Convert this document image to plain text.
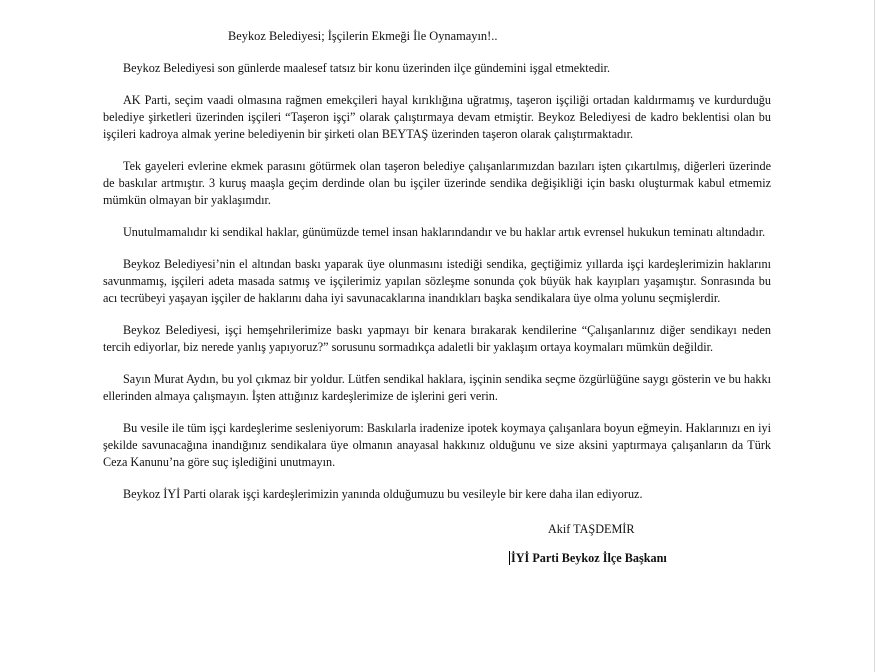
Beykoz Belediyesi; İşçilerin Ekmeği İle Oynamayın!..

Beykoz Belediyesi son günlerde maalesef tatsız bir konu üzerinden ilçe gündemini işgal etmektedir.

AK Parti, seçim vaadi olmasına rağmen emekçileri hayal kırıklığına uğratmış, taşeron işçiliği ortadan kaldırmamış ve kurdurduğu belediye şirketleri üzerinden işçileri “Taşeron işçi” olarak çalıştırmaya devam etmiştir. Beykoz Belediyesi de kadro beklentisi olan bu işçileri kadroya almak yerine belediyenin bir şirketi olan BEYTAŞ üzerinden taşeron olarak çalıştırmaktadır.

Tek gayeleri evlerine ekmek parasını götürmek olan taşeron belediye çalışanlarımızdan bazıları işten çıkartılmış, diğerleri üzerinde de baskılar artmıştır. 3 kuruş maaşla geçim derdinde olan bu işçiler üzerinde sendika değişikliği için baskı oluşturmak kabul etmemiz mümkün olmayan bir yaklaşımdır.

Unutulmamalıdır ki sendikal haklar, günümüzde temel insan haklarındandır ve bu haklar artık evrensel hukukun teminatı altındadır.

Beykoz Belediyesi’nin el altından baskı yaparak üye olunmasını istediği sendika, geçtiğimiz yıllarda işçi kardeşlerimizin haklarını savunmamış, işçileri adeta masada satmış ve işçilerimiz yapılan sözleşme sonunda çok büyük hak kayıpları yaşamıştır. Sonrasında bu acı tecrübeyi yaşayan işçiler de haklarını daha iyi savunacaklarına inandıkları başka sendikalara üye olma yolunu seçmişlerdir.

Beykoz Belediyesi, işçi hemşehrilerimize baskı yapmayı bir kenara bırakarak kendilerine “Çalışanlarınız diğer sendikayı neden tercih ediyorlar, biz nerede yanlış yapıyoruz?” sorusunu sormadıkça adaletli bir yaklaşım ortaya koymaları mümkün değildir.

Sayın Murat Aydın, bu yol çıkmaz bir yoldur. Lütfen sendikal haklara, işçinin sendika seçme özgürlüğüne saygı gösterin ve bu hakkı ellerinden almaya çalışmayın. İşten attığınız kardeşlerimize de işlerini geri verin.

Bu vesile ile tüm işçi kardeşlerime sesleniyorum: Baskılarla iradenize ipotek koymaya çalışanlara boyun eğmeyin. Haklarınızı en iyi şekilde savunacağına inandığınız sendikalara üye olmanın anayasal hakkınız olduğunu ve size aksini yaptırmaya çalışanların da Türk Ceza Kanunu’na göre suç işlediğini unutmayın.

Beykoz İYİ Parti olarak işçi kardeşlerimizin yanında olduğumuzu bu vesileyle bir kere daha ilan ediyoruz.

Akif TAŞDEMİR

İYİ Parti Beykoz İlçe Başkanı
